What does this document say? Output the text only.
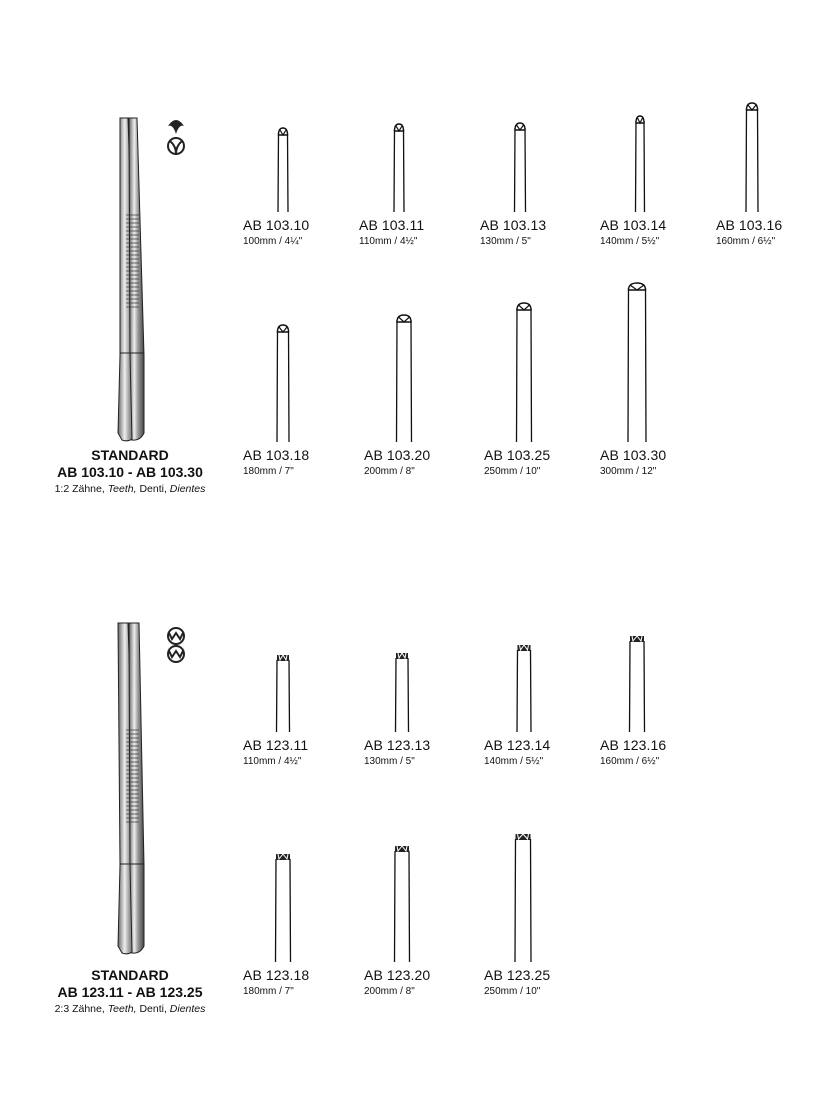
STANDARD
AB 103.10 - AB 103.30
1:2 Zähne, Teeth, Denti, Dientes
AB 103.10
100mm / 4¼"
AB 103.11
110mm / 4½"
AB 103.13
130mm / 5"
AB 103.14
140mm / 5½"
AB 103.16
160mm / 6½"
AB 103.18
180mm / 7"
AB 103.20
200mm / 8"
AB 103.25
250mm / 10"
AB 103.30
300mm / 12"
STANDARD
AB 123.11 - AB 123.25
2:3 Zähne, Teeth, Denti, Dientes
AB 123.11
110mm / 4½"
AB 123.13
130mm / 5"
AB 123.14
140mm / 5½"
AB 123.16
160mm / 6½"
AB 123.18
180mm / 7"
AB 123.20
200mm / 8"
AB 123.25
250mm / 10"
